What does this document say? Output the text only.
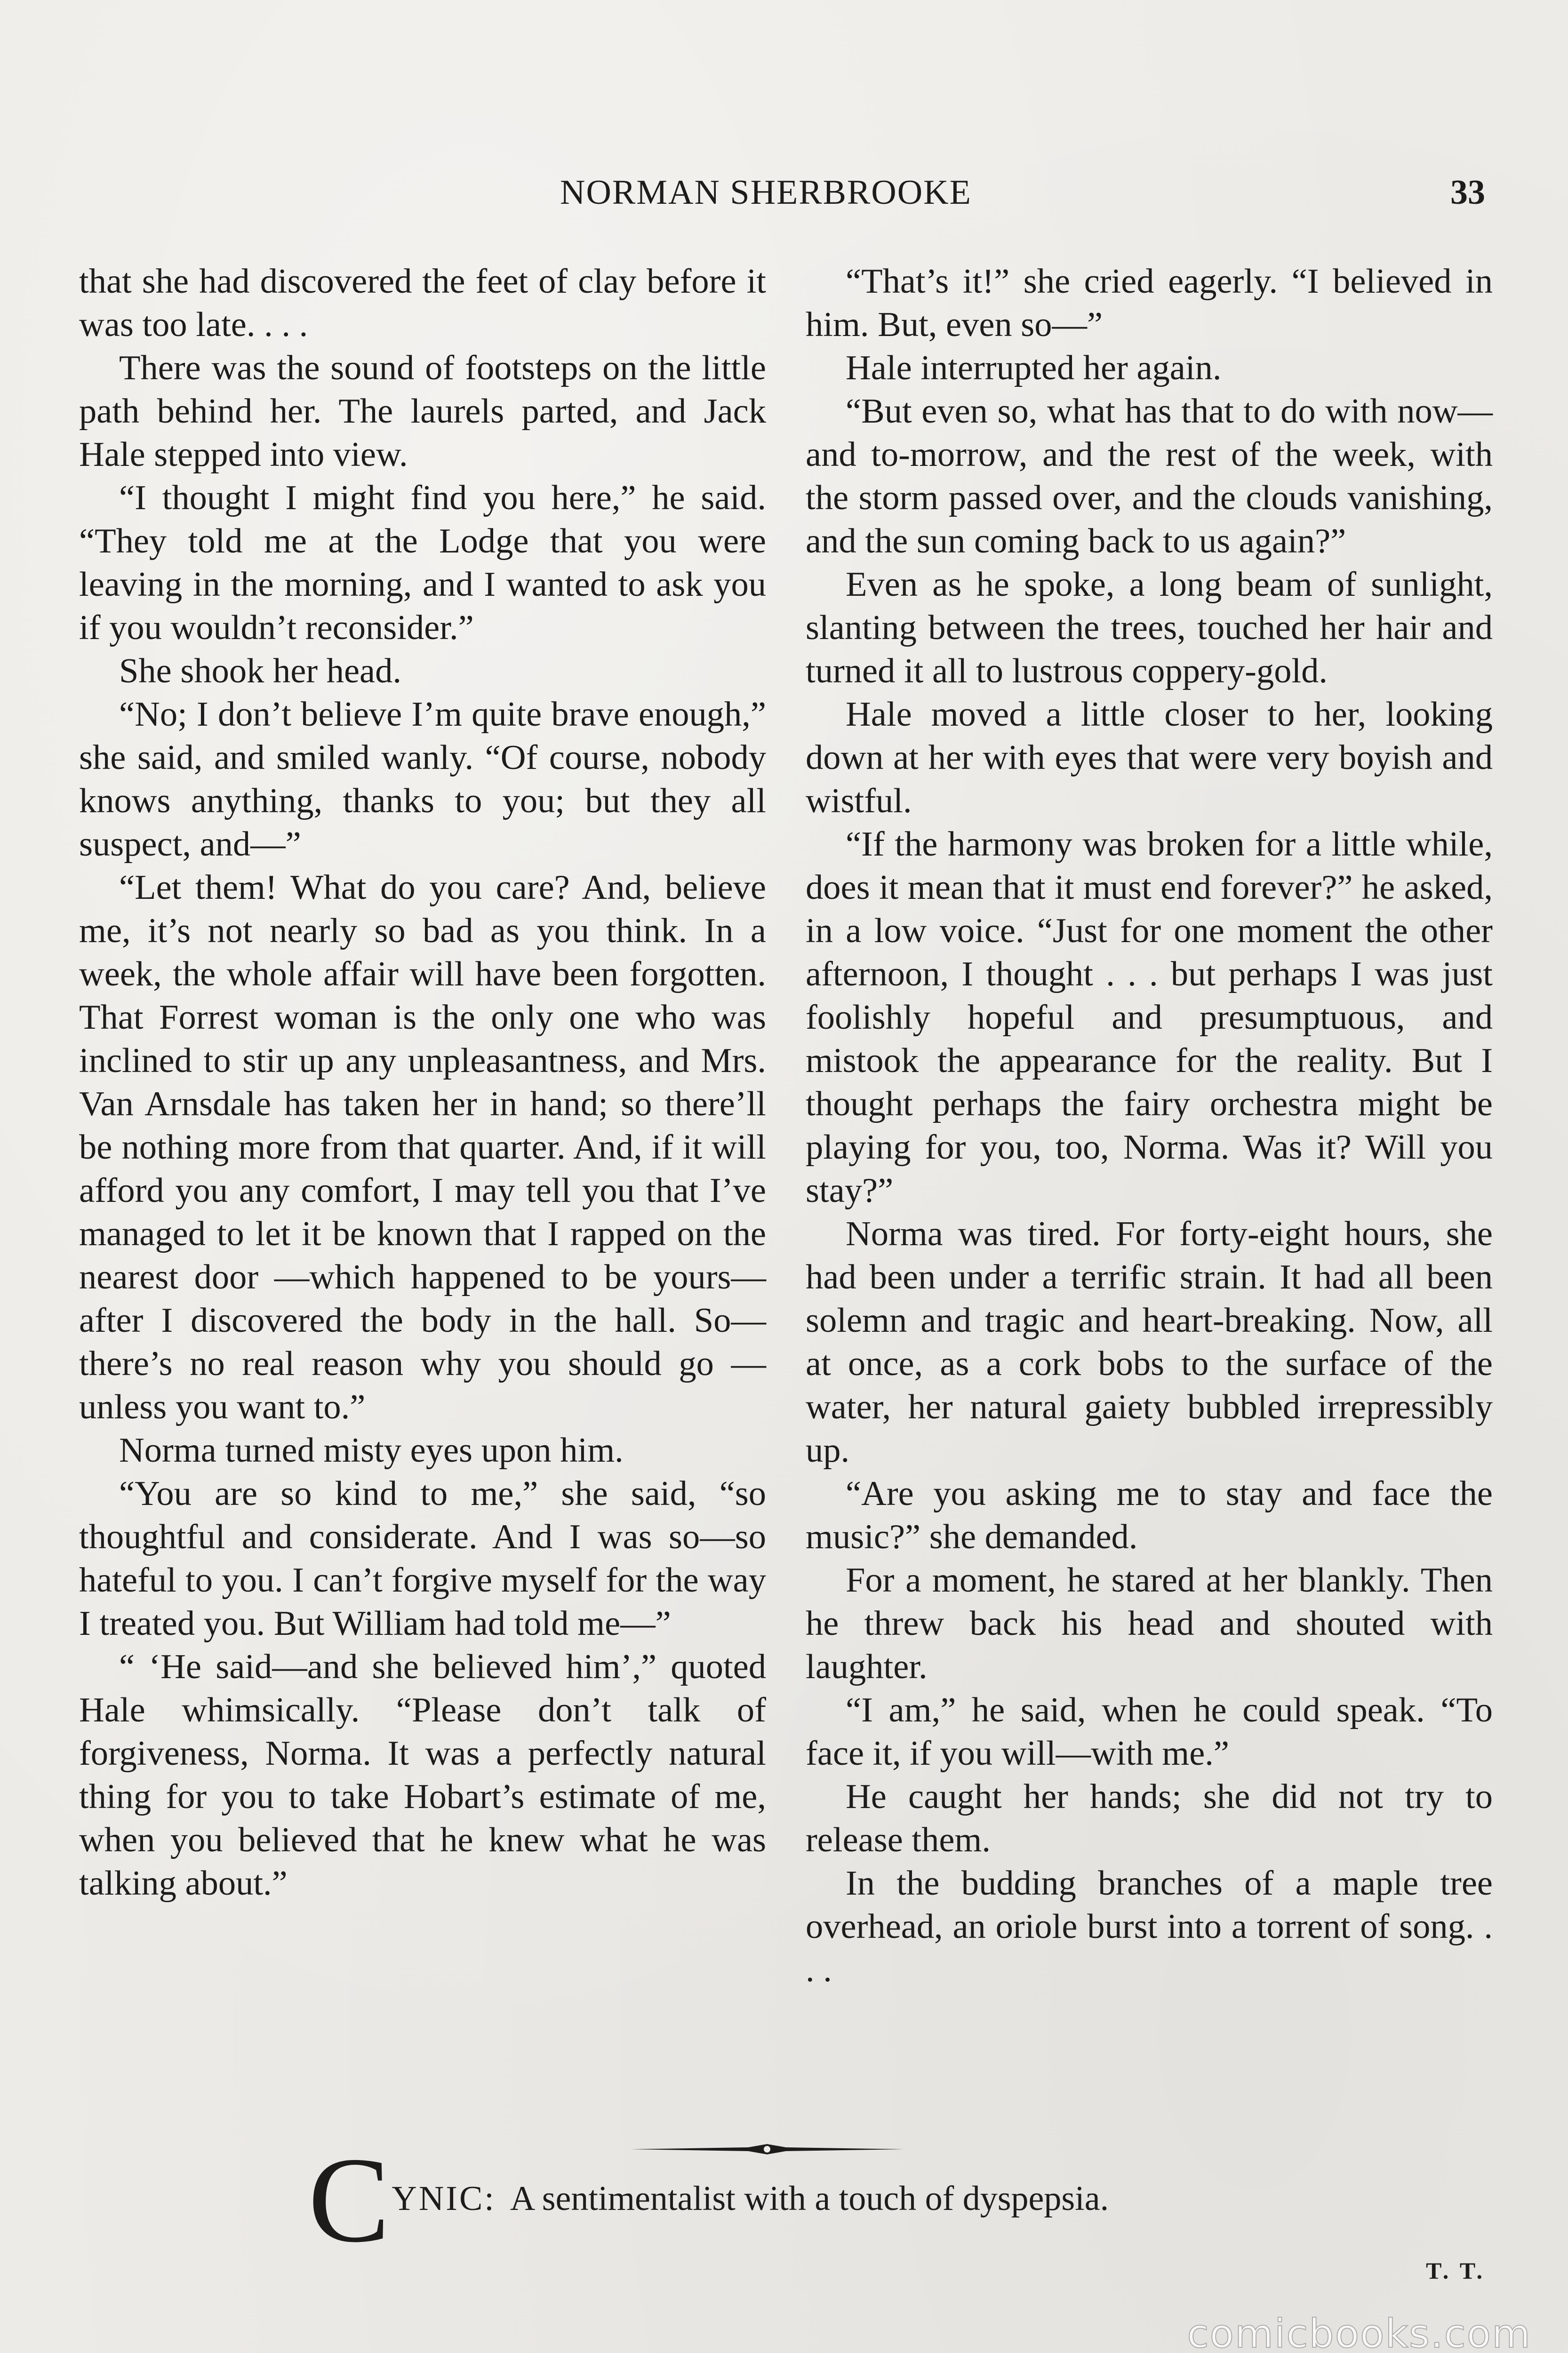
NORMAN SHERBROOKE	33

that she had discovered the feet of clay before it was too late. . . .

There was the sound of footsteps on the little path behind her. The laurels parted, and Jack Hale stepped into view.

“I thought I might find you here,” he said. “They told me at the Lodge that you were leaving in the morning, and I wanted to ask you if you wouldn’t reconsider.”

She shook her head.

“No; I don’t believe I’m quite brave enough,” she said, and smiled wanly. “Of course, nobody knows anything, thanks to you; but they all suspect, and—”

“Let them! What do you care? And, believe me, it’s not nearly so bad as you think. In a week, the whole affair will have been forgotten. That Forrest woman is the only one who was inclined to stir up any unpleasantness, and Mrs. Van Arnsdale has taken her in hand; so there’ll be nothing more from that quarter. And, if it will afford you any comfort, I may tell you that I’ve managed to let it be known that I rapped on the nearest door —which happened to be yours—after I discovered the body in the hall. So—there’s no real reason why you should go —unless you want to.”

Norma turned misty eyes upon him.

“You are so kind to me,” she said, “so thoughtful and considerate. And I was so—so hateful to you. I can’t forgive myself for the way I treated you. But William had told me—”

“ ‘He said—and she believed him’,” quoted Hale whimsically. “Please don’t talk of forgiveness, Norma. It was a perfectly natural thing for you to take Hobart’s estimate of me, when you believed that he knew what he was talking about.”

“That’s it!” she cried eagerly. “I believed in him. But, even so—”

Hale interrupted her again.

“But even so, what has that to do with now—and to-morrow, and the rest of the week, with the storm passed over, and the clouds vanishing, and the sun coming back to us again?”

Even as he spoke, a long beam of sunlight, slanting between the trees, touched her hair and turned it all to lustrous coppery-gold.

Hale moved a little closer to her, looking down at her with eyes that were very boyish and wistful.

“If the harmony was broken for a little while, does it mean that it must end forever?” he asked, in a low voice. “Just for one moment the other afternoon, I thought . . . but perhaps I was just foolishly hopeful and presumptuous, and mistook the appearance for the reality. But I thought perhaps the fairy orchestra might be playing for you, too, Norma. Was it? Will you stay?”

Norma was tired. For forty-eight hours, she had been under a terrific strain. It had all been solemn and tragic and heart-breaking. Now, all at once, as a cork bobs to the surface of the water, her natural gaiety bubbled irrepressibly up.

“Are you asking me to stay and face the music?” she demanded.

For a moment, he stared at her blankly. Then he threw back his head and shouted with laughter.

“I am,” he said, when he could speak. “To face it, if you will—with me.”

He caught her hands; she did not try to release them.

In the budding branches of a maple tree overhead, an oriole burst into a torrent of song. . . .

CYNIC: A sentimentalist with a touch of dyspepsia.
T. T.
comicbooks.com
